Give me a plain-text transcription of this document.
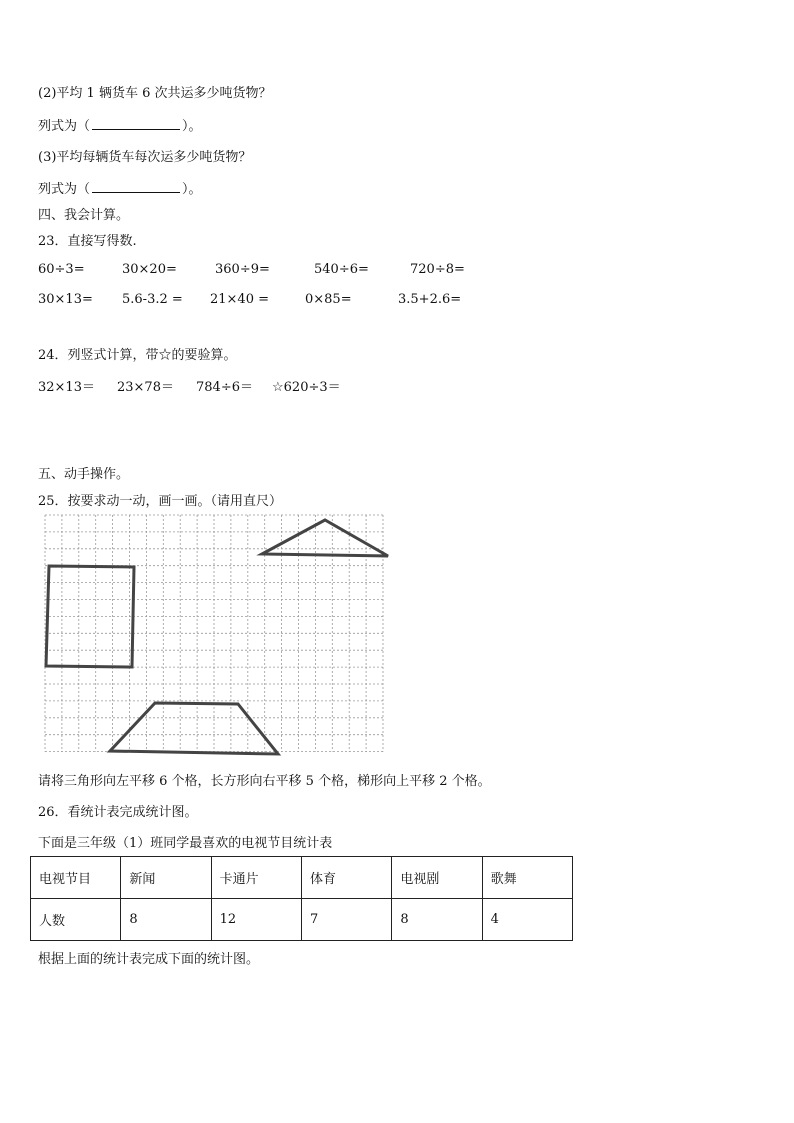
(2)平均 1 辆货车 6 次共运多少吨货物？
列式为（	）。
(3)平均每辆货车每次运多少吨货物？
列式为（	）。
四、我会计算。
23．直接写得数.
60÷3=	30×20=	360÷9=	540÷6=	720÷8=
30×13= 5.6-3.2 = 21×40 =	0×85=	3.5+2.6=
24．列竖式计算，带☆的要验算。
32×13＝ 23×78＝ 784÷6＝ ☆620÷3＝
五、动手操作。
25．按要求动一动，画一画。（请用直尺）
请将三角形向左平移 6 个格，长方形向右平移 5 个格，梯形向上平移 2 个格。
26．看统计表完成统计图。
下面是三年级（1）班同学最喜欢的电视节目统计表
电视节目	新闻	卡通片	体育	电视剧	歌舞
人数	8	12	7	8	4
根据上面的统计表完成下面的统计图。
